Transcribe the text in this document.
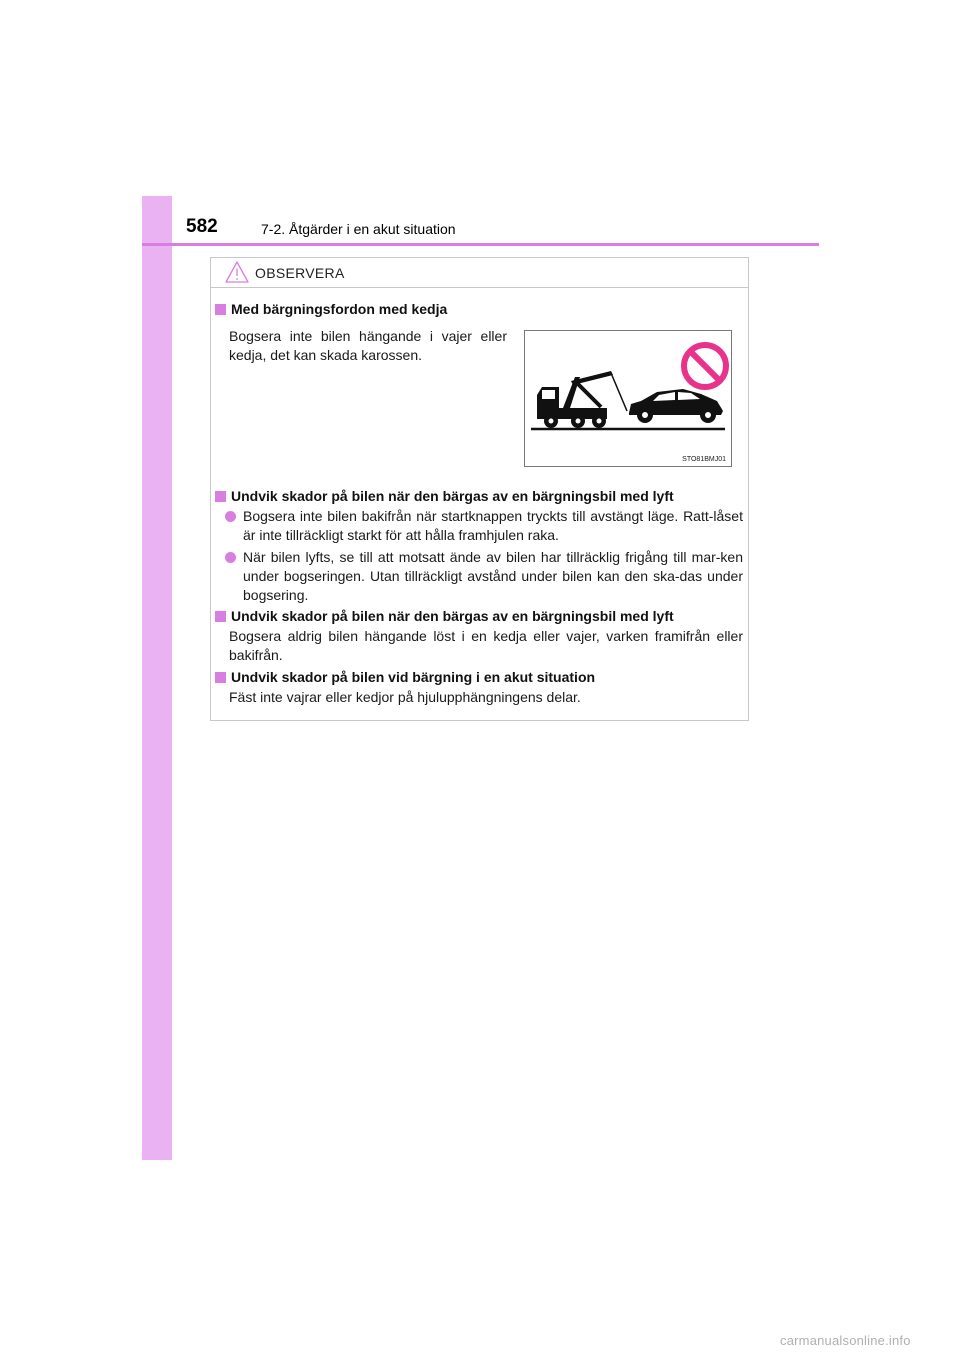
582	7-2. Åtgärder i en akut situation
OBSERVERA
Med bärgningsfordon med kedja
Bogsera inte bilen hängande i vajer eller kedja, det kan skada karossen.
STO81BMJ01
Undvik skador på bilen när den bärgas av en bärgningsbil med lyft
Bogsera inte bilen bakifrån när startknappen tryckts till avstängt läge. Ratt-låset är inte tillräckligt starkt för att hålla framhjulen raka.
När bilen lyfts, se till att motsatt ände av bilen har tillräcklig frigång till mar-ken under bogseringen. Utan tillräckligt avstånd under bilen kan den ska-das under bogsering.
Undvik skador på bilen när den bärgas av en bärgningsbil med lyft
Bogsera aldrig bilen hängande löst i en kedja eller vajer, varken framifrån eller bakifrån.
Undvik skador på bilen vid bärgning i en akut situation
Fäst inte vajrar eller kedjor på hjulupphängningens delar.
carmanualsonline.info
